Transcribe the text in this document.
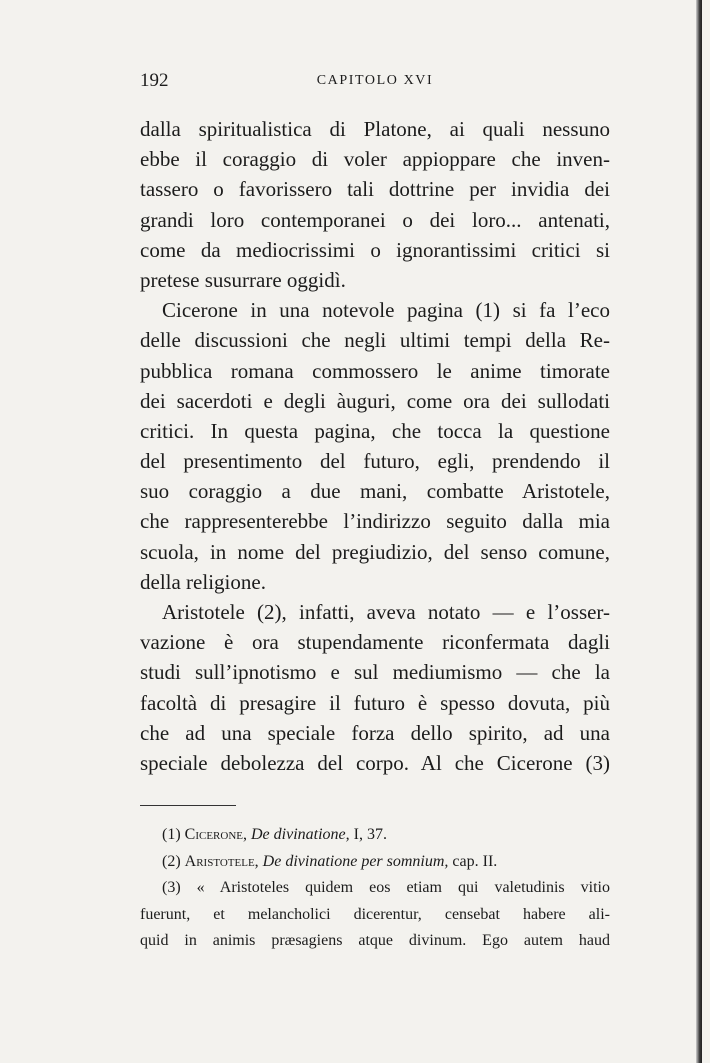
192	CAPITOLO XVI
dalla spiritualistica di Platone, ai quali nessuno
ebbe il coraggio di voler appioppare che inven-
tassero o favorissero tali dottrine per invidia dei
grandi loro contemporanei o dei loro... antenati,
come da mediocrissimi o ignorantissimi critici si
pretese susurrare oggidì.
Cicerone in una notevole pagina (1) si fa l’eco
delle discussioni che negli ultimi tempi della Re-
pubblica romana commossero le anime timorate
dei sacerdoti e degli àuguri, come ora dei sullodati
critici. In questa pagina, che tocca la questione
del presentimento del futuro, egli, prendendo il
suo coraggio a due mani, combatte Aristotele,
che rappresenterebbe l’indirizzo seguito dalla mia
scuola, in nome del pregiudizio, del senso comune,
della religione.
Aristotele (2), infatti, aveva notato — e l’osser-
vazione è ora stupendamente riconfermata dagli
studi sull’ipnotismo e sul mediumismo — che la
facoltà di presagire il futuro è spesso dovuta, più
che ad una speciale forza dello spirito, ad una
speciale debolezza del corpo. Al che Cicerone (3)
(1) Cicerone, De divinatione, I, 37.
(2) Aristotele, De divinatione per somnium, cap. II.
(3) « Aristoteles quidem eos etiam qui valetudinis vitio
fuerunt, et melancholici dicerentur, censebat habere ali-
quid in animis præsagiens atque divinum. Ego autem haud
